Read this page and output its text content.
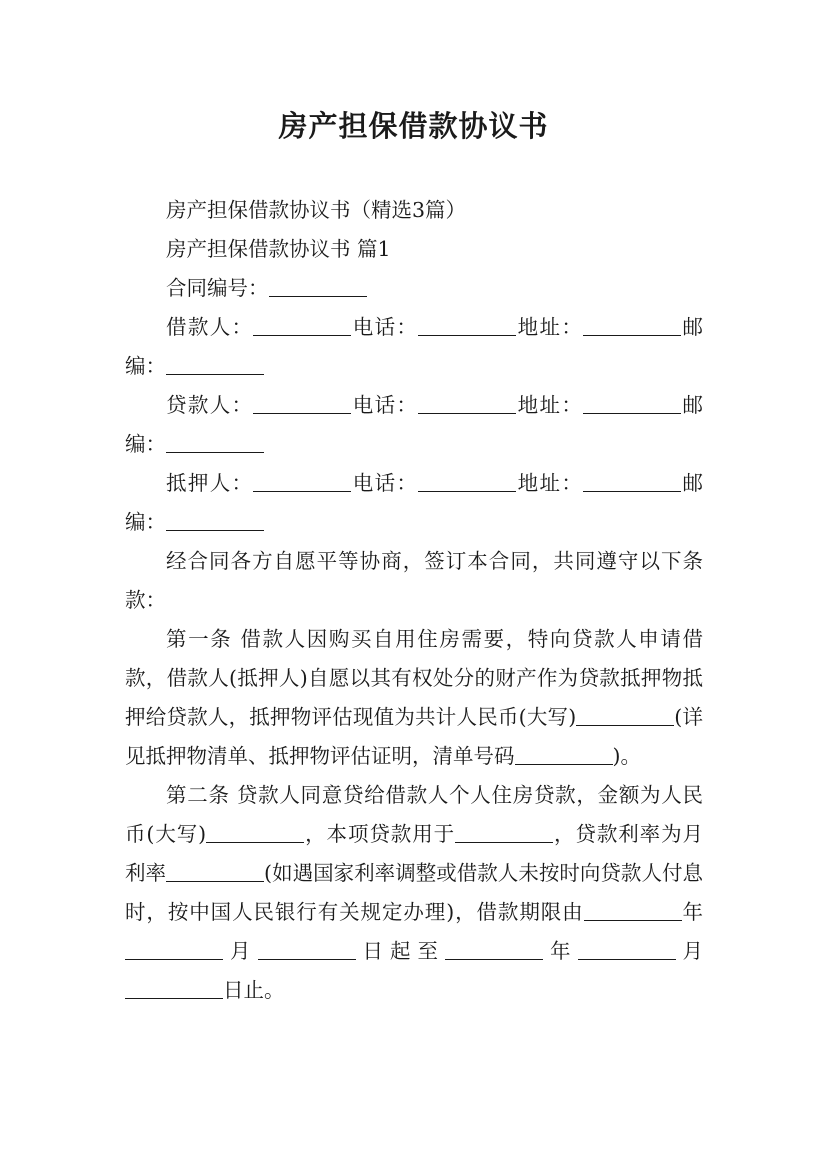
房产担保借款协议书

房产担保借款协议书（精选3篇）

房产担保借款协议书 篇1

合同编号：

借款人：	电话：	地址：	邮编：

贷款人：	电话：	地址：	邮编：

抵押人：	电话：	地址：	邮编：

经合同各方自愿平等协商，签订本合同，共同遵守以下条款：

第一条 借款人因购买自用住房需要，特向贷款人申请借款，借款人(抵押人)自愿以其有权处分的财产作为贷款抵押物抵押给贷款人，抵押物评估现值为共计人民币(大写)	(详见抵押物清单、抵押物评估证明，清单号码	)。

第二条 贷款人同意贷给借款人个人住房贷款，金额为人民币(大写)	，本项贷款用于	，贷款利率为月利率	(如遇国家利率调整或借款人未按时向贷款人付息时，按中国人民银行有关规定办理)，借款期限由	年月	日起至	年	月日止。
